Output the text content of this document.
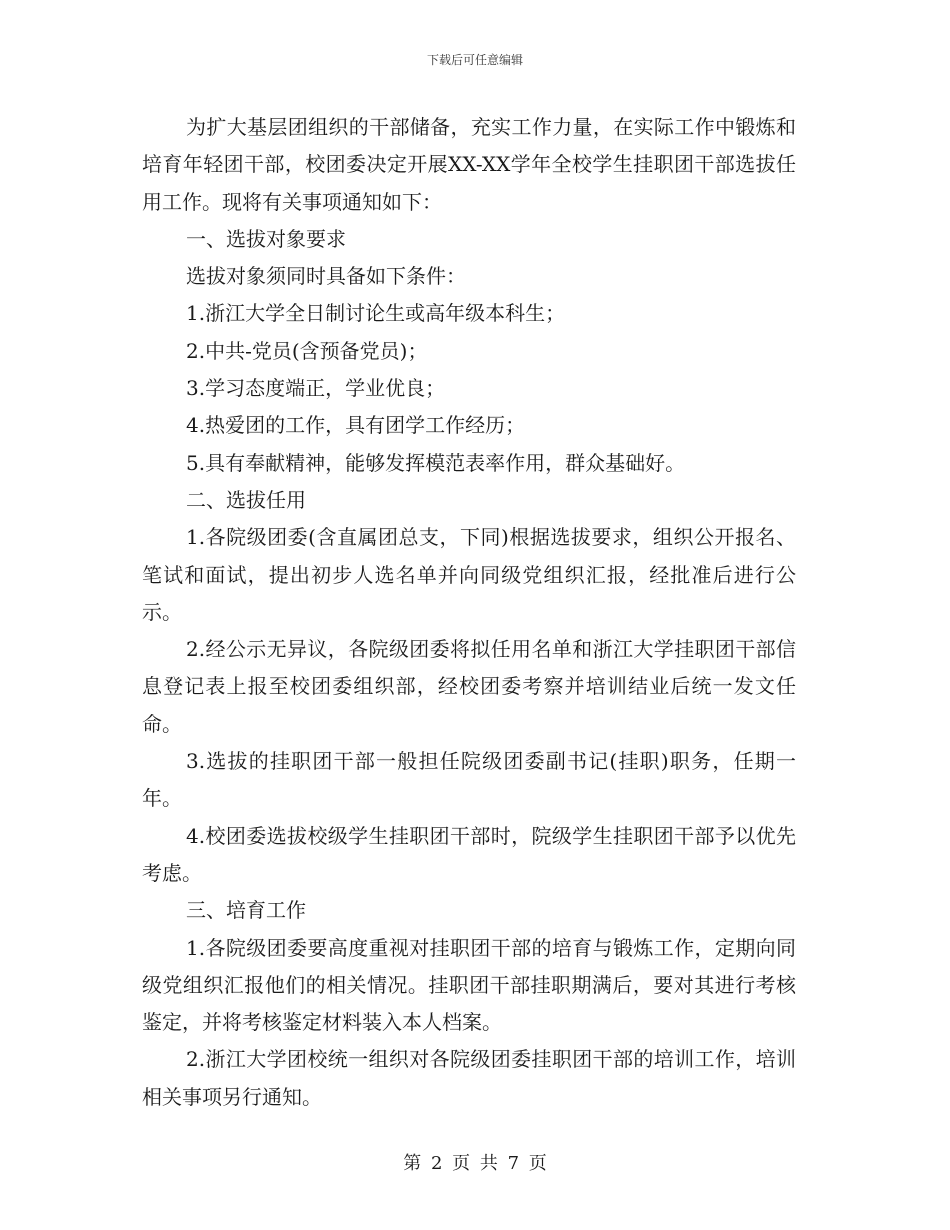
下载后可任意编辑

为扩大基层团组织的干部储备，充实工作力量，在实际工作中锻炼和培育年轻团干部，校团委决定开展XX-XX学年全校学生挂职团干部选拔任用工作。现将有关事项通知如下：

一、选拔对象要求

选拔对象须同时具备如下条件：

1.浙江大学全日制讨论生或高年级本科生；

2.中共-党员(含预备党员)；

3.学习态度端正，学业优良；

4.热爱团的工作，具有团学工作经历；

5.具有奉献精神，能够发挥模范表率作用，群众基础好。

二、选拔任用

1.各院级团委(含直属团总支，下同)根据选拔要求，组织公开报名、笔试和面试，提出初步人选名单并向同级党组织汇报，经批准后进行公示。

2.经公示无异议，各院级团委将拟任用名单和浙江大学挂职团干部信息登记表上报至校团委组织部，经校团委考察并培训结业后统一发文任命。

3.选拔的挂职团干部一般担任院级团委副书记(挂职)职务，任期一年。

4.校团委选拔校级学生挂职团干部时，院级学生挂职团干部予以优先考虑。

三、培育工作

1.各院级团委要高度重视对挂职团干部的培育与锻炼工作，定期向同级党组织汇报他们的相关情况。挂职团干部挂职期满后，要对其进行考核鉴定，并将考核鉴定材料装入本人档案。

2.浙江大学团校统一组织对各院级团委挂职团干部的培训工作，培训相关事项另行通知。

第 2 页 共 7 页
